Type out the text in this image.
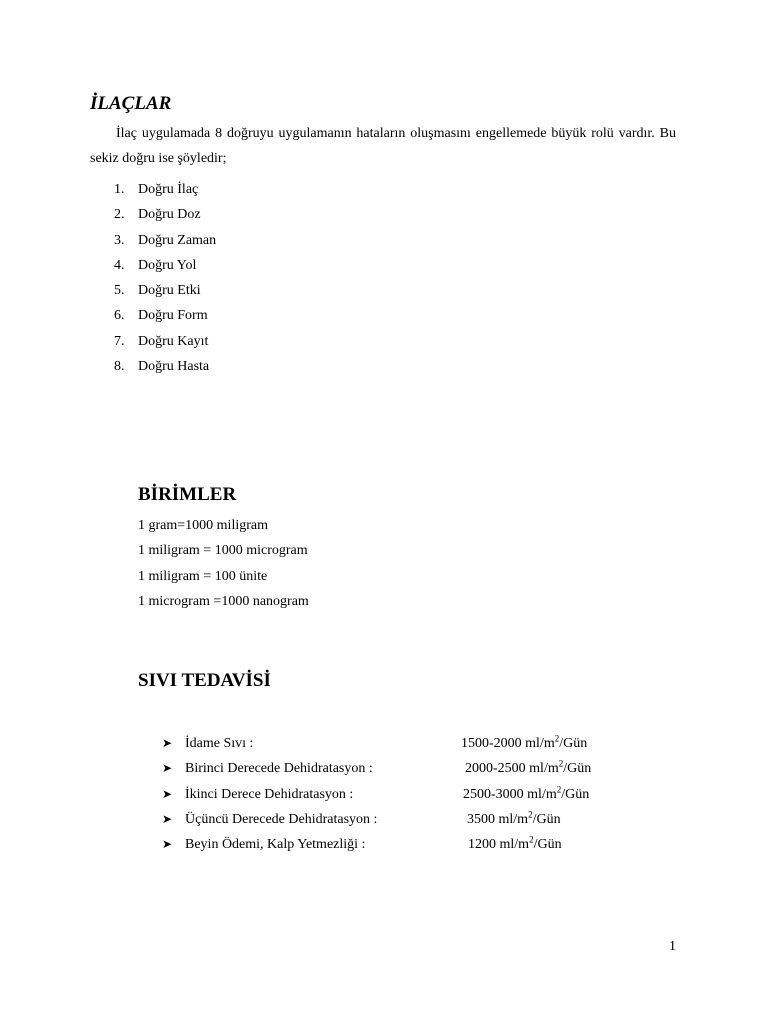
İLAÇLAR
İlaç uygulamada 8 doğruyu uygulamanın hataların oluşmasını engellemede büyük rolü vardır. Bu sekiz doğru ise şöyledir;
1. Doğru İlaç
2. Doğru Doz
3. Doğru Zaman
4. Doğru Yol
5. Doğru Etki
6. Doğru Form
7. Doğru Kayıt
8. Doğru Hasta
BİRİMLER
1 gram=1000 miligram
1 miligram = 1000 microgram
1 miligram = 100 ünite
1 microgram =1000 nanogram
SIVI TEDAVİSİ
➤ İdame Sıvı :	1500-2000 $ml/m^2$/Gün
➤ Birinci Derecede Dehidratasyon :	2000-2500 $ml/m^2$/Gün
➤ İkinci Derece Dehidratasyon :	2500-3000 $ml/m^2$/Gün
➤ Üçüncü Derecede Dehidratasyon :	3500 $ml/m^2$/Gün
➤ Beyin Ödemi, Kalp Yetmezliği :	1200 $ml/m^2$/Gün
1
